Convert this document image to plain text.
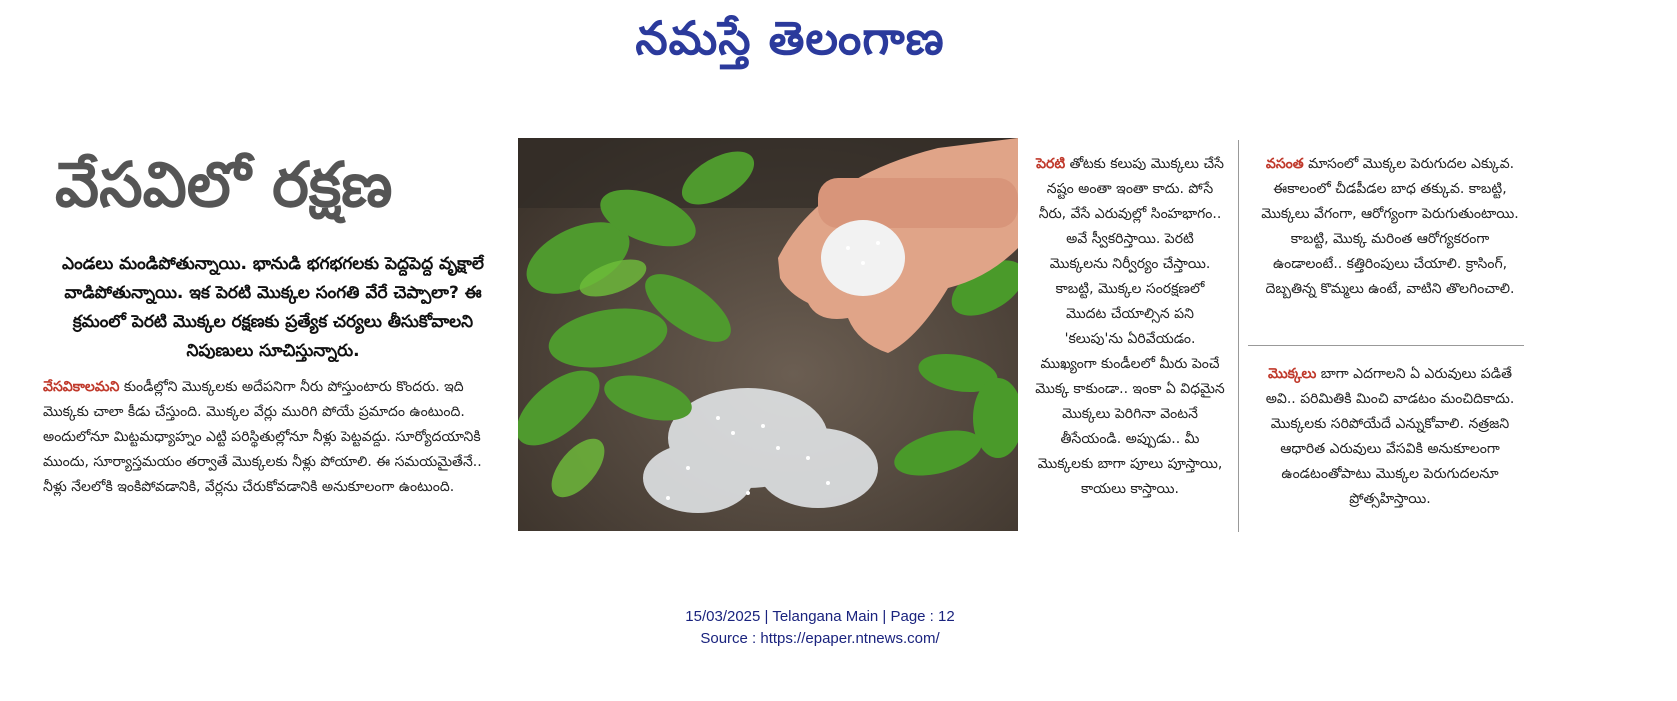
నమస్తే తెలంగాణ
వేసవిలో రక్షణ
ఎండలు మండిపోతున్నాయి. భానుడి భగభగలకు పెద్దపెద్ద వృక్షాలే వాడిపోతున్నాయి. ఇక పెరటి మొక్కల సంగతి వేరే చెప్పాలా? ఈ క్రమంలో పెరటి మొక్కల రక్షణకు ప్రత్యేక చర్యలు తీసుకోవాలని నిపుణులు సూచిస్తున్నారు.
వేసవికాలమని కుండీల్లోని మొక్కలకు అదేపనిగా నీరు పోస్తుంటారు కొందరు. ఇది మొక్కకు చాలా కీడు చేస్తుంది. మొక్కల వేర్లు మురిగి పోయే ప్రమాదం ఉంటుంది. అందులోనూ మిట్టమధ్యాహ్నం ఎట్టి పరిస్థితుల్లోనూ నీళ్లు పెట్టవద్దు. సూర్యోదయానికి ముందు, సూర్యాస్తమయం తర్వాతే మొక్కలకు నీళ్లు పోయాలి. ఈ సమయమైతేనే.. నీళ్లు నేలలోకి ఇంకిపోవడానికి, వేర్లను చేరుకోవడానికి అనుకూలంగా ఉంటుంది.
పెరటి తోటకు కలుపు మొక్కలు చేసే నష్టం అంతా ఇంతా కాదు. పోసే నీరు, వేసే ఎరువుల్లో సింహభాగం.. అవే స్వీకరిస్తాయి. పెరటి మొక్కలను నిర్వీర్యం చేస్తాయి. కాబట్టి, మొక్కల సంరక్షణలో మొదట చేయాల్సిన పని 'కలుపు'ను ఏరివేయడం. ముఖ్యంగా కుండీలలో మీరు పెంచే మొక్క కాకుండా.. ఇంకా ఏ విధమైన మొక్కలు పెరిగినా వెంటనే తీసేయండి. అప్పుడు.. మీ మొక్కలకు బాగా పూలు పూస్తాయి, కాయలు కాస్తాయి.
వసంత మాసంలో మొక్కల పెరుగుదల ఎక్కువ. ఈకాలంలో చీడపీడల బాధ తక్కువ. కాబట్టి, మొక్కలు వేగంగా, ఆరోగ్యంగా పెరుగుతుంటాయి. కాబట్టి, మొక్క మరింత ఆరోగ్యకరంగా ఉండాలంటే.. కత్తిరింపులు చేయాలి. క్రాసింగ్, దెబ్బతిన్న కొమ్మలు ఉంటే, వాటిని తొలగించాలి.
మొక్కలు బాగా ఎదగాలని ఏ ఎరువులు పడితే అవి.. పరిమితికి మించి వాడటం మంచిదికాదు. మొక్కలకు సరిపోయేదే ఎన్నుకోవాలి. నత్రజని ఆధారిత ఎరువులు వేసవికి అనుకూలంగా ఉండటంతోపాటు మొక్కల పెరుగుదలనూ ప్రోత్సహిస్తాయి.
15/03/2025 | Telangana Main | Page : 12
Source : https://epaper.ntnews.com/
